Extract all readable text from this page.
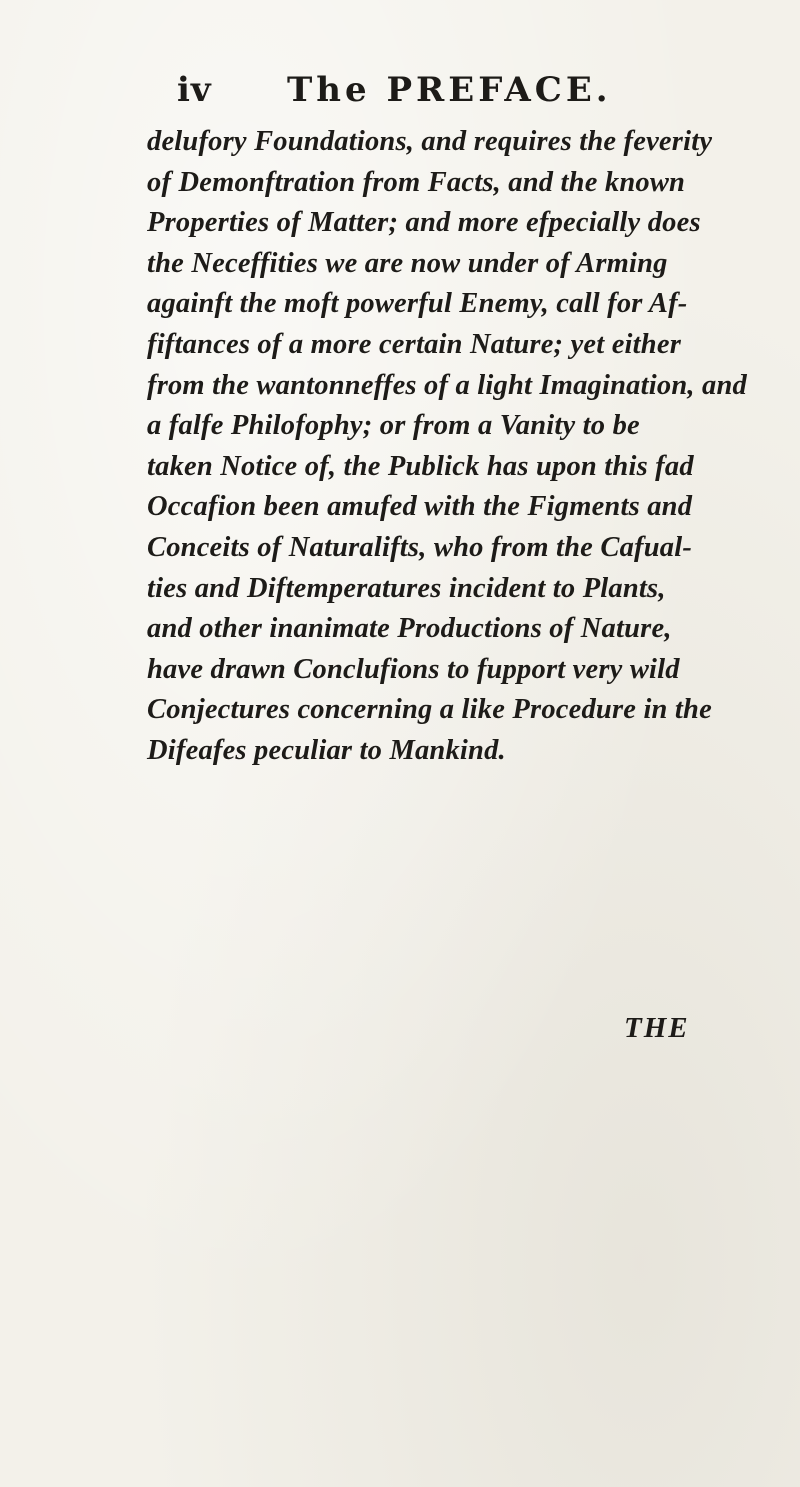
iv The PREFACE.
delufory Foundations, and requires the feverity
of Demonftration from Facts, and the known
Properties of Matter; and more efpecially does
the Neceffities we are now under of Arming
againft the moft powerful Enemy, call for Af-
fiftances of a more certain Nature; yet either
from the wantonneffes of a light Imagination, and
a falfe Philofophy; or from a Vanity to be
taken Notice of, the Publick has upon this fad
Occafion been amufed with the Figments and
Conceits of Naturalifts, who from the Cafual-
ties and Diftemperatures incident to Plants,
and other inanimate Productions of Nature,
have drawn Conclufions to fupport very wild
Conjectures concerning a like Procedure in the
Difeafes peculiar to Mankind.
THE
